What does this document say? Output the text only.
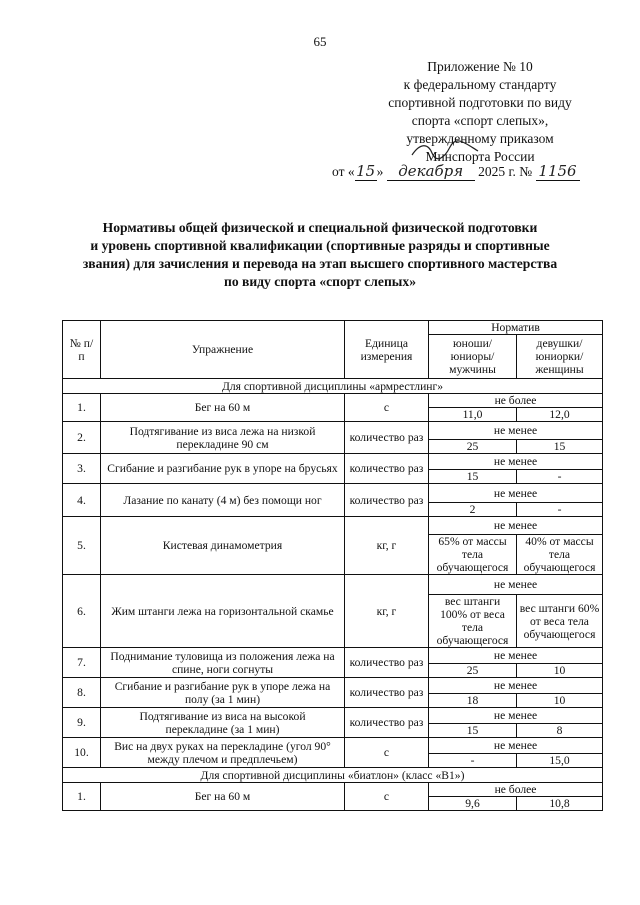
65
Приложение № 10
к федеральному стандарту
спортивной подготовки по виду
спорта «спорт слепых»,
утвержденному приказом
Минспорта России
от «15» декабря 2025 г. № 1156
Нормативы общей физической и специальной физической подготовки
и уровень спортивной квалификации (спортивные разряды и спортивные
звания) для зачисления и перевода на этап высшего спортивного мастерства
по виду спорта «спорт слепых»
№ п/п	Упражнение	Единица измерения	Норматив	
			юноши/ юниоры/ мужчины	девушки/ юниорки/ женщины
Для спортивной дисциплины «армрестлинг»				
1.	Бег на 60 м	с	не более	
			11,0	12,0
2.	Подтягивание из виса лежа на низкой перекладине 90 см	количество раз	не менее	
			25	15
3.	Сгибание и разгибание рук в упоре на брусьях	количество раз	не менее	
			15	-
4.	Лазание по канату (4 м) без помощи ног	количество раз	не менее	
			2	-
5.	Кистевая динамометрия	кг, г	не менее	
			65% от массы тела обучающегося	40% от массы тела обучающегося
6.	Жим штанги лежа на горизонтальной скамье	кг, г	не менее	
			вес штанги 100% от веса тела обучающегося	вес штанги 60% от веса тела обучающегося
7.	Поднимание туловища из положения лежа на спине, ноги согнуты	количество раз	не менее	
			25	10
8.	Сгибание и разгибание рук в упоре лежа на полу (за 1 мин)	количество раз	не менее	
			18	10
9.	Подтягивание из виса на высокой перекладине (за 1 мин)	количество раз	не менее	
			15	8
10.	Вис на двух руках на перекладине (угол 90° между плечом и предплечьем)	с	не менее	
			-	15,0
Для спортивной дисциплины «биатлон» (класс «В1»)				
1.	Бег на 60 м	с	не более	
			9,6	10,8
